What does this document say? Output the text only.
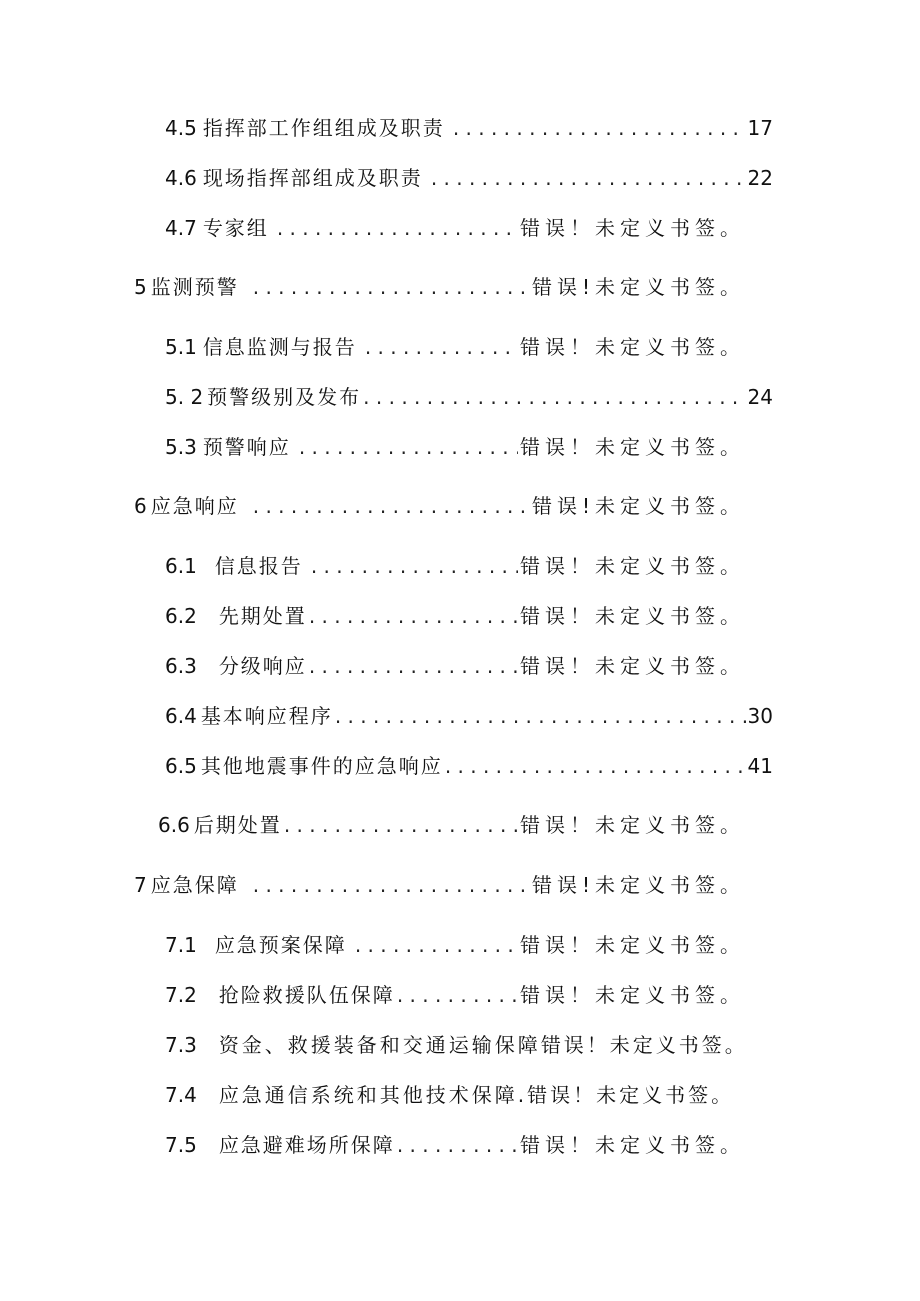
4.5 指挥部工作组组成及职责 . . .	17
4.6 现场指挥部组成及职责 . . .	22
4.7 专家组 . . .	错误！未定义书签。
5 监测预警 . . .	错误!未定义书签。
5.1 信息监测与报告 . . .	错误！未定义书签。
5. 2 预警级别及发布 . . .	24
5.3 预警响应 . . .	错误！未定义书签。
6 应急响应 . . .	错误!未定义书签。
6.1 信息报告 . . .	错误！未定义书签。
6.2 先期处置 . . .	错误！未定义书签。
6.3 分级响应 . . .	错误！未定义书签。
6.4 基本响应程序 . . .	30
6.5 其他地震事件的应急响应 . . .	41
6.6 后期处置 . . .	错误！未定义书签。
7 应急保障 . . .	错误!未定义书签。
7.1 应急预案保障 . . .	错误！未定义书签。
7.2 抢险救援队伍保障 . . .	错误！未定义书签。
7.3 资金、救援装备和交通运输保障 错误！未定义书签。
7.4 应急通信系统和其他技术保障. 错误！未定义书签。
7.5 应急避难场所保障 . . .	错误！未定义书签。
